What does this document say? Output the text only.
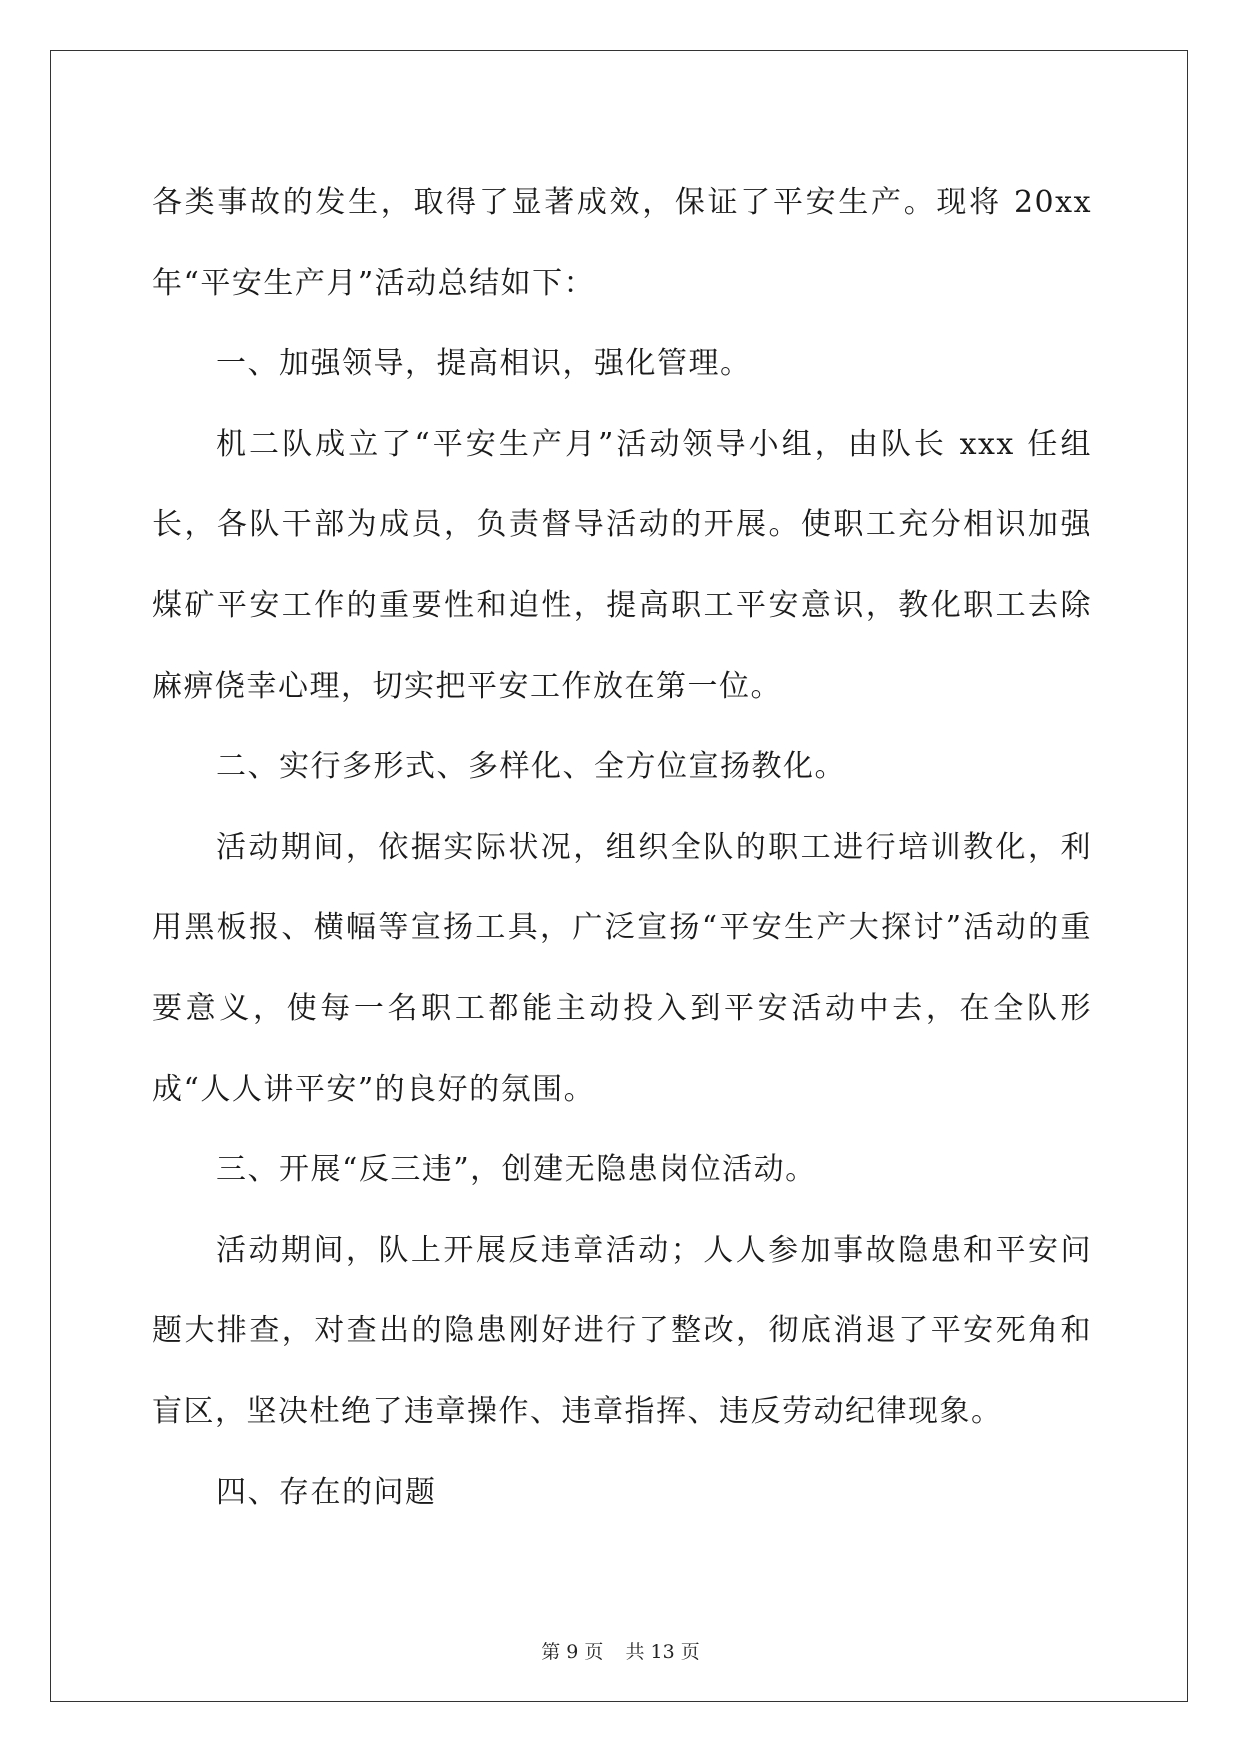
各类事故的发生，取得了显著成效，保证了平安生产。现将 20xx 年“平安生产月”活动总结如下：

一、加强领导，提高相识，强化管理。

机二队成立了“平安生产月”活动领导小组，由队长 xxx 任组长，各队干部为成员，负责督导活动的开展。使职工充分相识加强煤矿平安工作的重要性和迫性，提高职工平安意识，教化职工去除麻痹侥幸心理，切实把平安工作放在第一位。

二、实行多形式、多样化、全方位宣扬教化。

活动期间，依据实际状况，组织全队的职工进行培训教化，利用黑板报、横幅等宣扬工具，广泛宣扬“平安生产大探讨”活动的重要意义，使每一名职工都能主动投入到平安活动中去，在全队形成“人人讲平安”的良好的氛围。

三、开展“反三违”，创建无隐患岗位活动。

活动期间，队上开展反违章活动；人人参加事故隐患和平安问题大排查，对查出的隐患刚好进行了整改，彻底消退了平安死角和盲区，坚决杜绝了违章操作、违章指挥、违反劳动纪律现象。

四、存在的问题

第 9 页 共 13 页
